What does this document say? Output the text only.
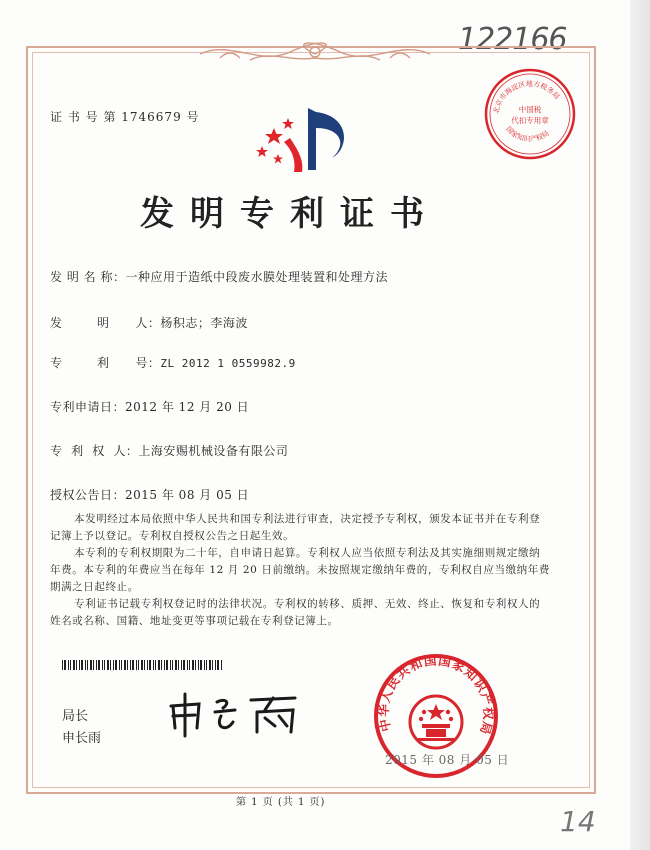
122166
证 书 号 第 1746679 号	北京市海淀区地方税务局
中国税
代扣专用章
国家知识产权局
发明专利证书
发 明 名 称：一种应用于造纸中段废水膜处理装置和处理方法
发        明      人：杨积志；李海波
专        利      号：ZL 2012 1 0559982.9
专利申请日：2012 年 12 月 20 日
专  利  权  人：上海安赐机械设备有限公司
授权公告日：2015 年 08 月 05 日
本发明经过本局依照中华人民共和国专利法进行审查，决定授予专利权，颁发本证书并在专利登记簿上予以登记。专利权自授权公告之日起生效。
本专利的专利权期限为二十年，自申请日起算。专利权人应当依照专利法及其实施细则规定缴纳年费。本专利的年费应当在每年 12 月 20 日前缴纳。未按照规定缴纳年费的，专利权自应当缴纳年费期满之日起终止。
专利证书记载专利权登记时的法律状况。专利权的转移、质押、无效、终止、恢复和专利权人的姓名或名称、国籍、地址变更等事项记载在专利登记簿上。
局长
申长雨
中华人民共和国国家知识产权局
2015 年 08 月 05 日
第 1 页 (共 1 页)
14
